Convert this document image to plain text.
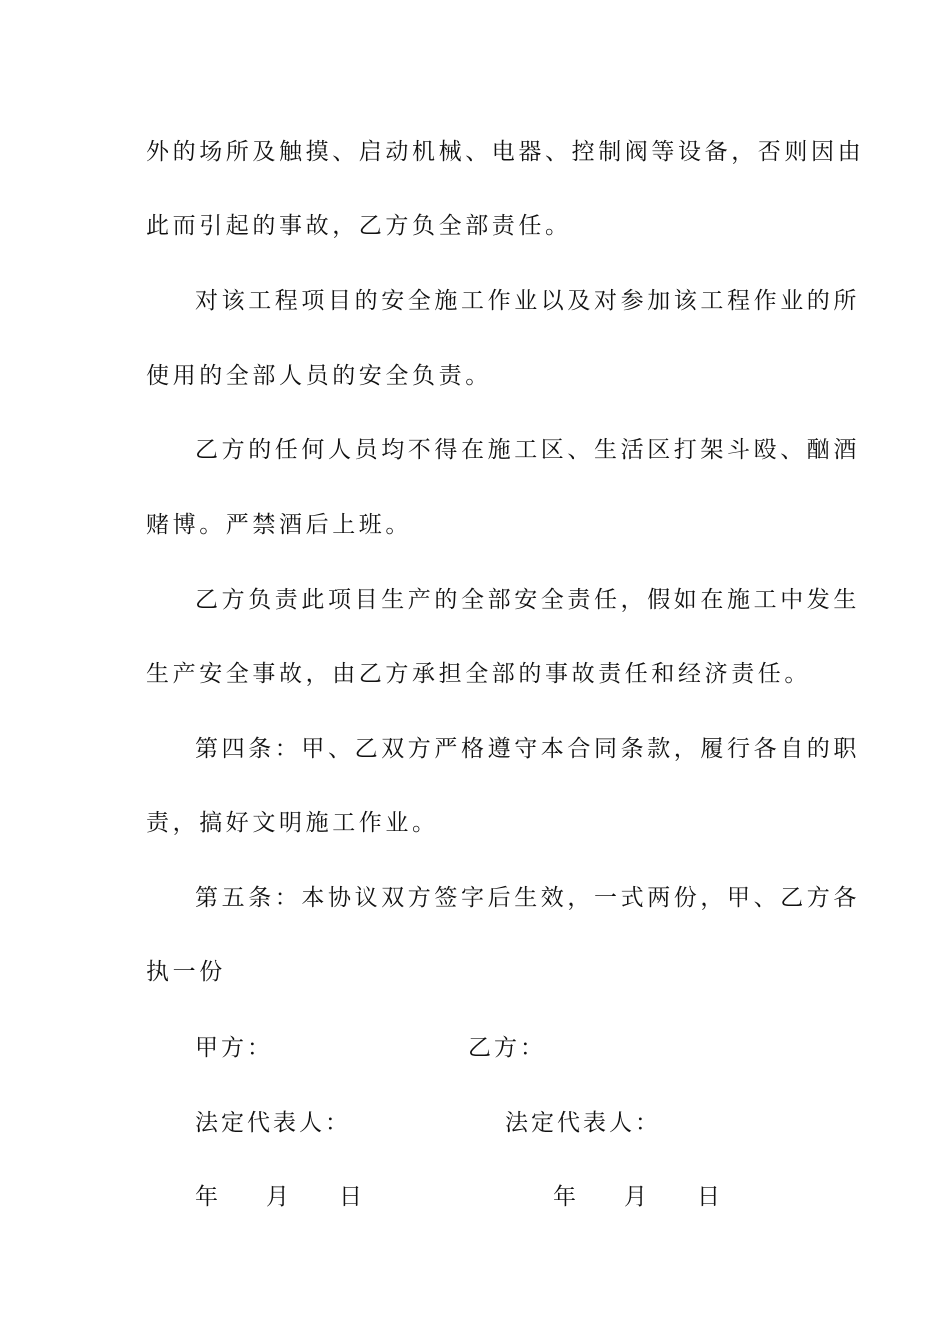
外的场所及触摸、启动机械、电器、控制阀等设备，否则因由
此而引起的事故，乙方负全部责任。
对该工程项目的安全施工作业以及对参加该工程作业的所
使用的全部人员的安全负责。
乙方的任何人员均不得在施工区、生活区打架斗殴、酗酒
赌博。严禁酒后上班。
乙方负责此项目生产的全部安全责任，假如在施工中发生
生产安全事故，由乙方承担全部的事故责任和经济责任。
第四条：甲、乙双方严格遵守本合同条款，履行各自的职
责，搞好文明施工作业。
第五条：本协议双方签字后生效，一式两份，甲、乙方各
执一份
甲方：	乙方：
法定代表人：	法定代表人：
年 月 日	年 月 日
